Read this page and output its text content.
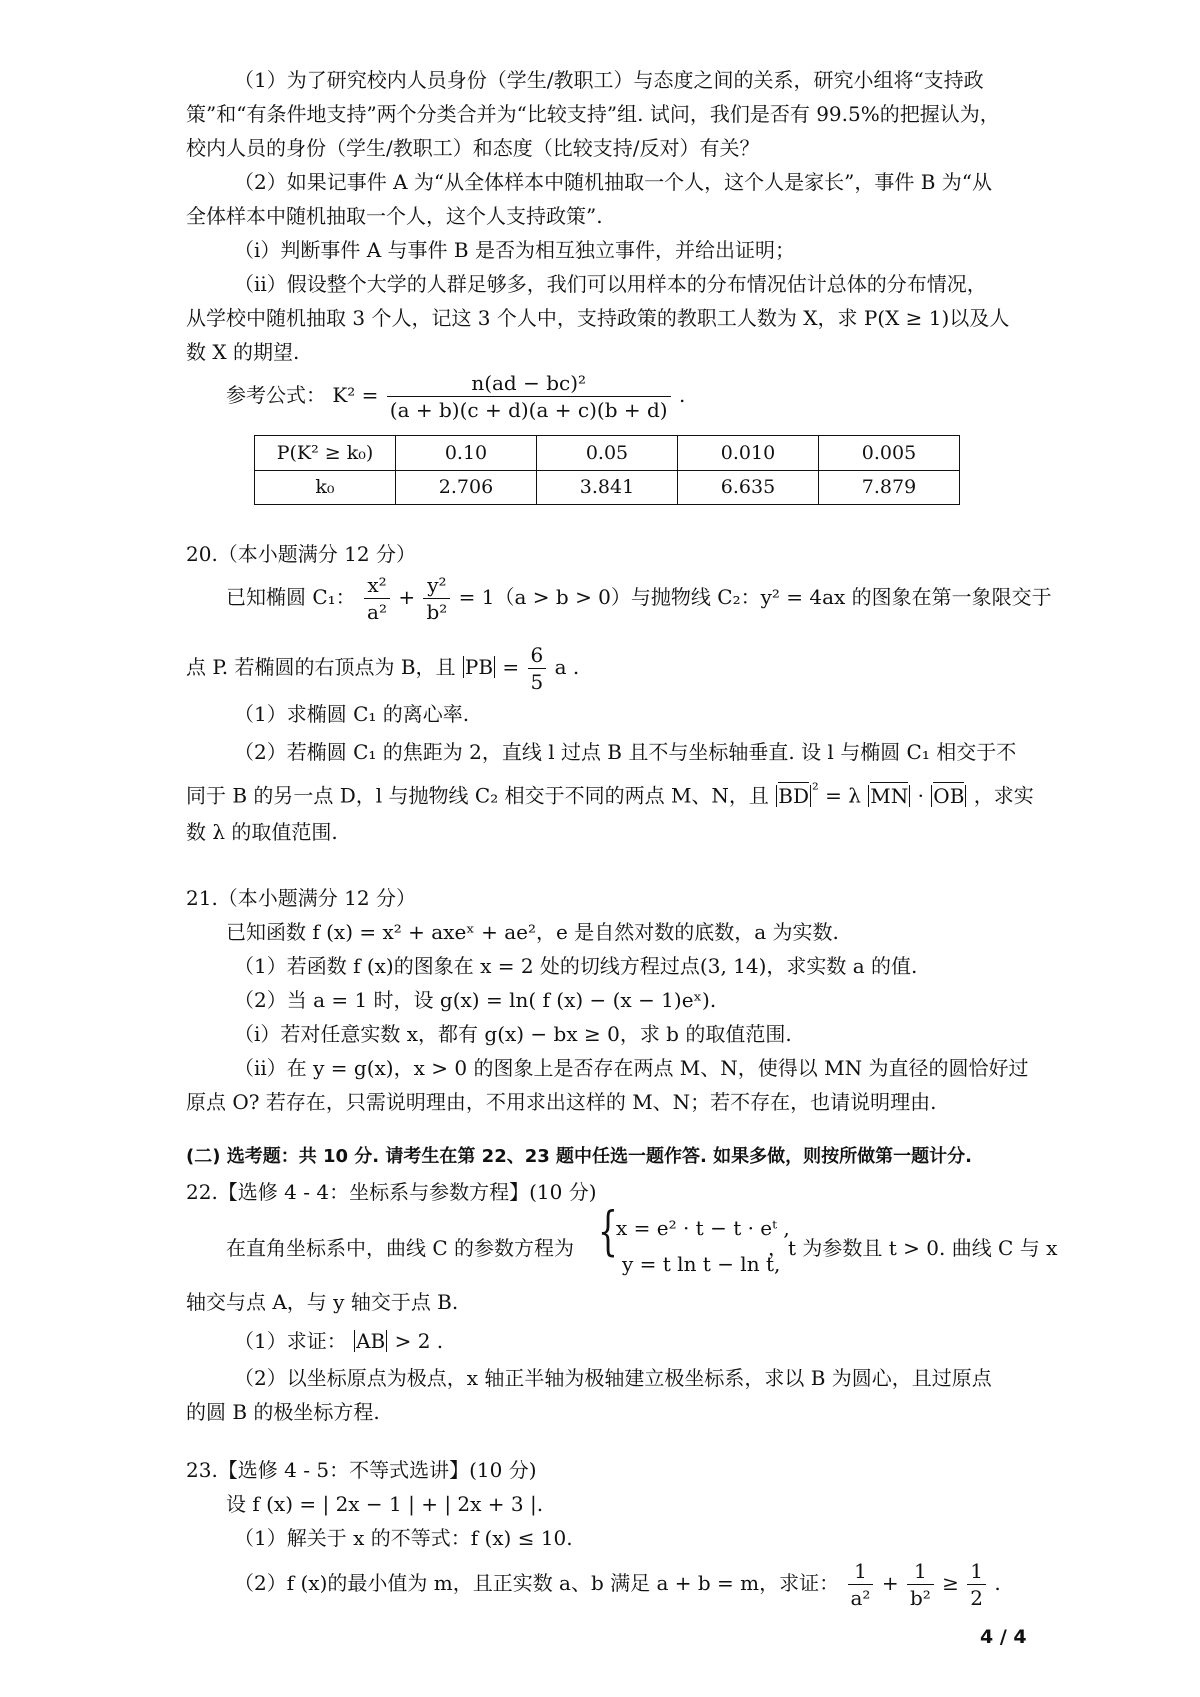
（1）为了研究校内人员身份（学生/教职工）与态度之间的关系，研究小组将“支持政
策”和“有条件地支持”两个分类合并为“比较支持”组. 试问，我们是否有 99.5%的把握认为，
校内人员的身份（学生/教职工）和态度（比较支持/反对）有关？
（2）如果记事件 A 为“从全体样本中随机抽取一个人，这个人是家长”，事件 B 为“从
全体样本中随机抽取一个人，这个人支持政策”.
（i）判断事件 A 与事件 B 是否为相互独立事件，并给出证明；
（ii）假设整个大学的人群足够多，我们可以用样本的分布情况估计总体的分布情况，
从学校中随机抽取 3 个人，记这 3 个人中，支持政策的教职工人数为 X，求 P(X ≥ 1)以及人
数 X 的期望.
参考公式： $K^2 = \frac{\text{n(ad − bc)²}}{(a + b)(c + d)(a + c)(b + d)}$ .
P(K² ≥ k₀)	0.10	0.05	0.010	0.005
k₀	2.706	3.841	6.635	7.879
20.（本小题满分 12 分）
已知椭圆 C₁： $\frac{\text{x²}}{\text{a²}} + \frac{\text{y²}}{\text{b²}} = 1(a > b > 0)$与抛物线 C₂：y² = 4ax 的图象在第一象限交于
点 P. 若椭圆的右顶点为 B，且 PB = $\frac{6}{5}$ a .
（1）求椭圆 C₁ 的离心率.
（2）若椭圆 C₁ 的焦距为 2，直线 l 过点 B 且不与坐标轴垂直. 设 l 与椭圆 C₁ 相交于不
同于 B 的另一点 D，l 与抛物线 C₂ 相交于不同的两点 M、N，且 BD $^{^2}$ = λ MN · OB ，求实
数 λ 的取值范围.
21.（本小题满分 12 分）
已知函数 f (x) = x² + axeˣ + ae²，e 是自然对数的底数，a 为实数.
（1）若函数 f (x)的图象在 x = 2 处的切线方程过点(3, 14)，求实数 a 的值.
（2）当 a = 1 时，设 g(x) = ln( f (x) − (x − 1)eˣ).
（i）若对任意实数 x，都有 g(x) − bx ≥ 0，求 b 的取值范围.
（ii）在 y = g(x)，x > 0 的图象上是否存在两点 M、N，使得以 MN 为直径的圆恰好过
原点 O? 若存在，只需说明理由，不用求出这样的 M、N；若不存在，也请说明理由.
(二) 选考题：共 10 分. 请考生在第 22、23 题中任选一题作答. 如果多做，则按所做第一题计分.
22.【选修 4 - 4：坐标系与参数方程】(10 分)
在直角坐标系中，曲线 C 的参数方程为 {
x = e² · t − t · eᵗ ,
y = t ln t − ln t,
，t 为参数且 t > 0. 曲线 C 与 x
轴交与点 A，与 y 轴交于点 B.
（1）求证： AB > 2 .
（2）以坐标原点为极点，x 轴正半轴为极轴建立极坐标系，求以 B 为圆心，且过原点
的圆 B 的极坐标方程.
23.【选修 4 - 5：不等式选讲】(10 分)
设 f (x) = | 2x − 1 | + | 2x + 3 |.
（1）解关于 x 的不等式：f (x) ≤ 10.
（2）f (x)的最小值为 m，且正实数 a、b 满足 a + b = m，求证： $\frac{1}{\text{a²}} + \frac{1}{\text{b²}} \ge \frac{1}{2}$ .
4 / 4
